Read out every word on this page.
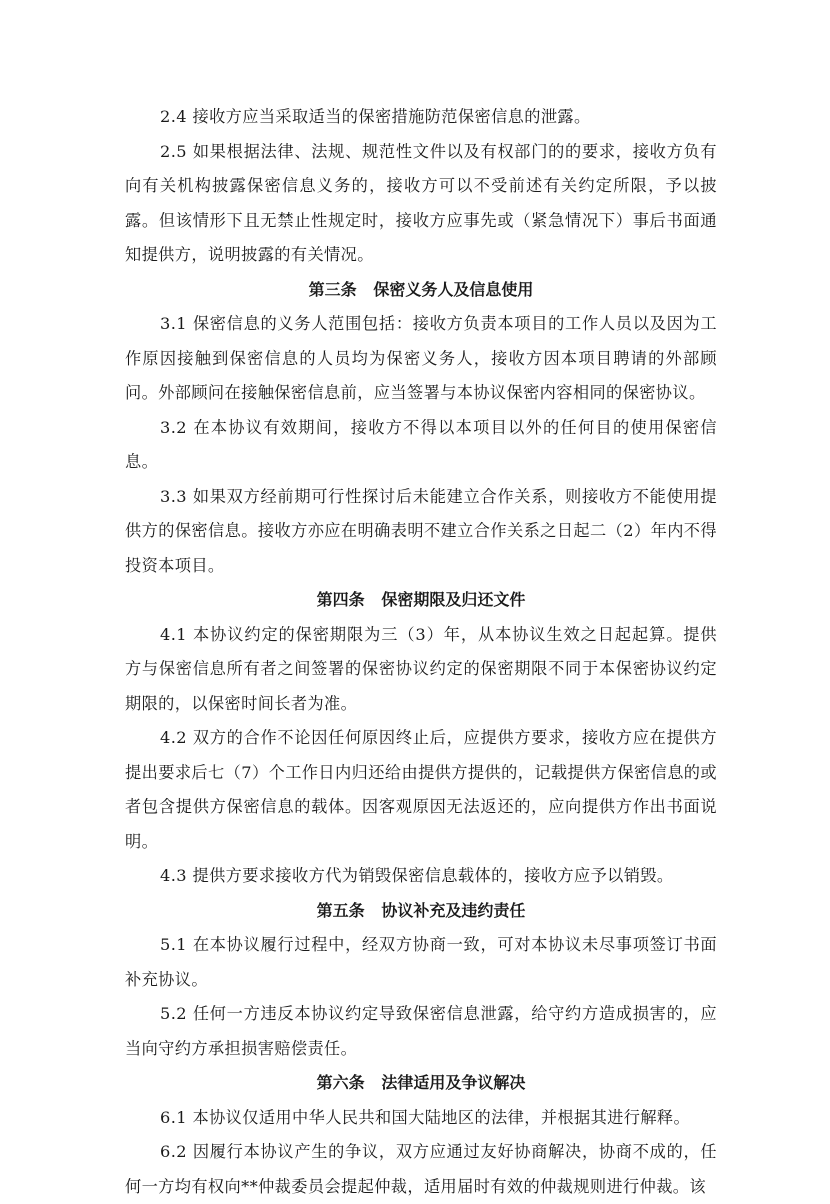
2.4 接收方应当采取适当的保密措施防范保密信息的泄露。

2.5 如果根据法律、法规、规范性文件以及有权部门的的要求，接收方负有向有关机构披露保密信息义务的，接收方可以不受前述有关约定所限，予以披露。但该情形下且无禁止性规定时，接收方应事先或（紧急情况下）事后书面通知提供方，说明披露的有关情况。

第三条   保密义务人及信息使用

3.1 保密信息的义务人范围包括：接收方负责本项目的工作人员以及因为工作原因接触到保密信息的人员均为保密义务人，接收方因本项目聘请的外部顾问。外部顾问在接触保密信息前，应当签署与本协议保密内容相同的保密协议。

3.2 在本协议有效期间，接收方不得以本项目以外的任何目的使用保密信息。

3.3 如果双方经前期可行性探讨后未能建立合作关系，则接收方不能使用提供方的保密信息。接收方亦应在明确表明不建立合作关系之日起二（2）年内不得投资本项目。

第四条   保密期限及归还文件

4.1 本协议约定的保密期限为三（3）年，从本协议生效之日起起算。提供方与保密信息所有者之间签署的保密协议约定的保密期限不同于本保密协议约定期限的，以保密时间长者为准。

4.2 双方的合作不论因任何原因终止后，应提供方要求，接收方应在提供方提出要求后七（7）个工作日内归还给由提供方提供的，记载提供方保密信息的或者包含提供方保密信息的载体。因客观原因无法返还的，应向提供方作出书面说明。

4.3 提供方要求接收方代为销毁保密信息载体的，接收方应予以销毁。

第五条   协议补充及违约责任

5.1 在本协议履行过程中，经双方协商一致，可对本协议未尽事项签订书面补充协议。

5.2 任何一方违反本协议约定导致保密信息泄露，给守约方造成损害的，应当向守约方承担损害赔偿责任。

第六条   法律适用及争议解决

6.1 本协议仅适用中华人民共和国大陆地区的法律，并根据其进行解释。

6.2 因履行本协议产生的争议，双方应通过友好协商解决，协商不成的，任何一方均有权向**仲裁委员会提起仲裁，适用届时有效的仲裁规则进行仲裁。该
